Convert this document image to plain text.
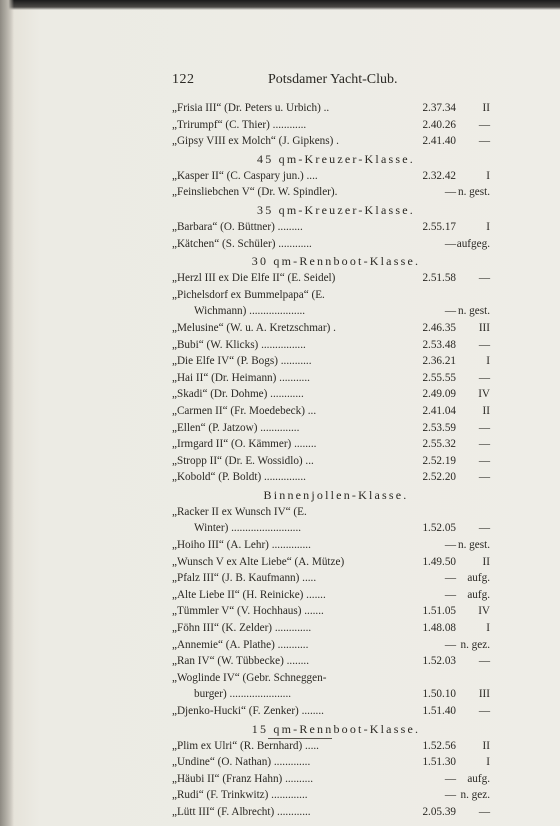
122	Potsdamer Yacht-Club.
„Frisia III“ (Dr. Peters u. Urbich) ..	2.37.34	II
„Trirumpf“ (C. Thier) ............	2.40.26	—
„Gipsy VIII ex Molch“ (J. Gipkens) .	2.41.40	—
45 qm-Kreuzer-Klasse.
„Kasper II“ (C. Caspary jun.) ....	2.32.42	I
„Feinsliebchen V“ (Dr. W. Spindler).	— n. gest.
35 qm-Kreuzer-Klasse.
„Barbara“ (O. Büttner) .........	2.55.17	I
„Kätchen“ (S. Schüler) ............	— aufgeg.
30 qm-Rennboot-Klasse.
„Herzl III ex Die Elfe II“ (E. Seidel)	2.51.58	—
„Pichelsdorf ex Bummelpapa“ (E.
Wichmann) ....................	— n. gest.
„Melusine“ (W. u. A. Kretzschmar) .	2.46.35	III
„Bubi“ (W. Klicks) ................	2.53.48	—
„Die Elfe IV“ (P. Bogs) ...........	2.36.21	I
„Hai II“ (Dr. Heimann) ...........	2.55.55	—
„Skadi“ (Dr. Dohme) ............	2.49.09	IV
„Carmen II“ (Fr. Moedebeck) ...	2.41.04	II
„Ellen“ (P. Jatzow) ..............	2.53.59	—
„Irmgard II“ (O. Kämmer) ........	2.55.32	—
„Stropp II“ (Dr. E. Wossidlo) ...	2.52.19	—
„Kobold“ (P. Boldt) ...............	2.52.20	—
Binnenjollen-Klasse.
„Racker II ex Wunsch IV“ (E.
Winter) .........................	1.52.05	—
„Hoiho III“ (A. Lehr) ..............	— n. gest.
„Wunsch V ex Alte Liebe“ (A. Mütze)	1.49.50	II
„Pfalz III“ (J. B. Kaufmann) .....	—	aufg.
„Alte Liebe II“ (H. Reinicke) .......	—	aufg.
„Tümmler V“ (V. Hochhaus) .......	1.51.05	IV
„Föhn III“ (K. Zelder) .............	1.48.08	I
„Annemie“ (A. Plathe) ...........	— n. gez.
„Ran IV“ (W. Tübbecke) ........	1.52.03	—
„Woglinde IV“ (Gebr. Schneggen-
burger) ......................	1.50.10	III
„Djenko-Hucki“ (F. Zenker) ........	1.51.40	—
15 qm-Rennboot-Klasse.
„Plim ex Ulri“ (R. Bernhard) .....	1.52.56	II
„Undine“ (O. Nathan) .............	1.51.30	I
„Häubi II“ (Franz Hahn) ..........	—	aufg.
„Rudi“ (F. Trinkwitz) .............	— n. gez.
„Lütt III“ (F. Albrecht) ............	2.05.39	—
